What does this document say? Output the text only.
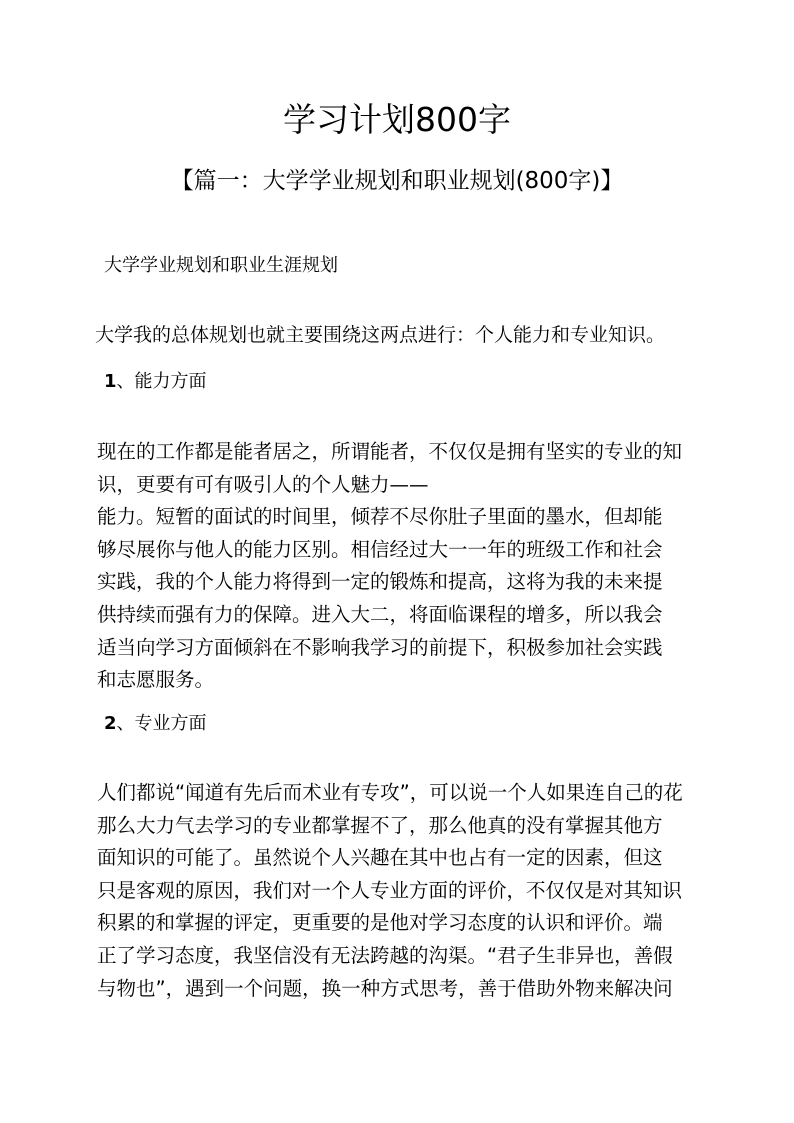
学习计划800字
【篇一：大学学业规划和职业规划(800字)】
大学学业规划和职业生涯规划
大学我的总体规划也就主要围绕这两点进行：个人能力和专业知识。
1、能力方面
现在的工作都是能者居之，所谓能者，不仅仅是拥有坚实的专业的知
识，更要有可有吸引人的个人魅力——
能力。短暂的面试的时间里，倾荐不尽你肚子里面的墨水，但却能
够尽展你与他人的能力区别。相信经过大一一年的班级工作和社会
实践，我的个人能力将得到一定的锻炼和提高，这将为我的未来提
供持续而强有力的保障。进入大二，将面临课程的增多，所以我会
适当向学习方面倾斜在不影响我学习的前提下，积极参加社会实践
和志愿服务。
2、专业方面
人们都说“闻道有先后而术业有专攻”，可以说一个人如果连自己的花
那么大力气去学习的专业都掌握不了，那么他真的没有掌握其他方
面知识的可能了。虽然说个人兴趣在其中也占有一定的因素，但这
只是客观的原因，我们对一个人专业方面的评价，不仅仅是对其知识
积累的和掌握的评定，更重要的是他对学习态度的认识和评价。端
正了学习态度，我坚信没有无法跨越的沟渠。“君子生非异也，善假
与物也”，遇到一个问题，换一种方式思考，善于借助外物来解决问
